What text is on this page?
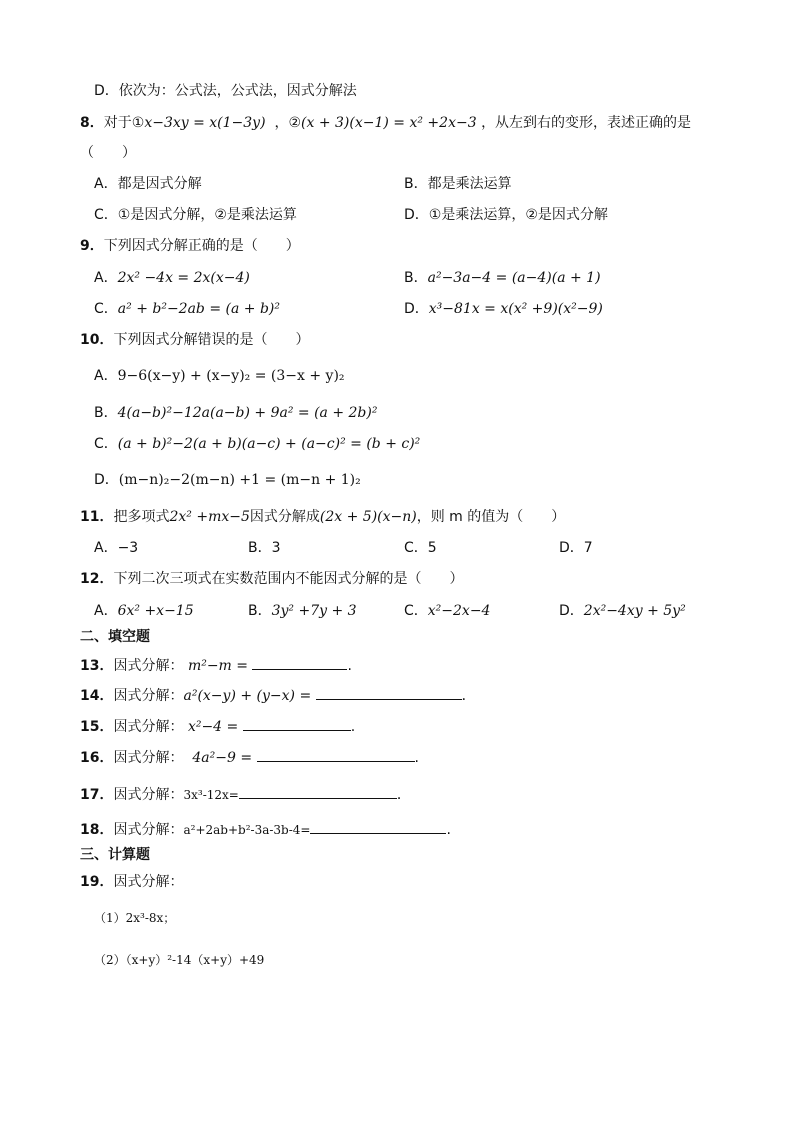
D．依次为：公式法，公式法，因式分解法
8．对于①x−3xy = x(1−3y) ，②(x + 3)(x−1) = x² +2x−3 ，从左到右的变形，表述正确的是
（　　）
A．都是因式分解	B．都是乘法运算
C．①是因式分解，②是乘法运算	D．①是乘法运算，②是因式分解
9．下列因式分解正确的是（　　）
A．2x² −4x = 2x(x−4)	B．a²−3a−4 = (a−4)(a + 1)
C．a² + b²−2ab = (a + b)²	D．x³−81x = x(x² +9)(x²−9)
10．下列因式分解错误的是（　　）
A．9−6(x−y) + (x−y)₂ = (3−x + y)₂
B．4(a−b)²−12a(a−b) + 9a² = (a + 2b)²
C．(a + b)²−2(a + b)(a−c) + (a−c)² = (b + c)²
D．(m−n)₂−2(m−n) +1 = (m−n + 1)₂
11．把多项式2x² +mx−5因式分解成(2x + 5)(x−n)，则 m 的值为（　　）
A．−3	B．3	C．5	D．7
12．下列二次三项式在实数范围内不能因式分解的是（　　）
A．6x² +x−15	B．3y² +7y + 3	C．x²−2x−4	D．2x²−4xy + 5y²
二、填空题
13．因式分解： m²−m =	.
14．因式分解：a²(x−y) + (y−x) =	．
15．因式分解： x²−4 =	.
16．因式分解： 4a²−9 =	.
17．因式分解：3x³-12x=	．
18．因式分解：a²+2ab+b²-3a-3b-4=	.
三、计算题
19．因式分解：
（1）2x³-8x；
（2）（x+y）²-14（x+y）+49
